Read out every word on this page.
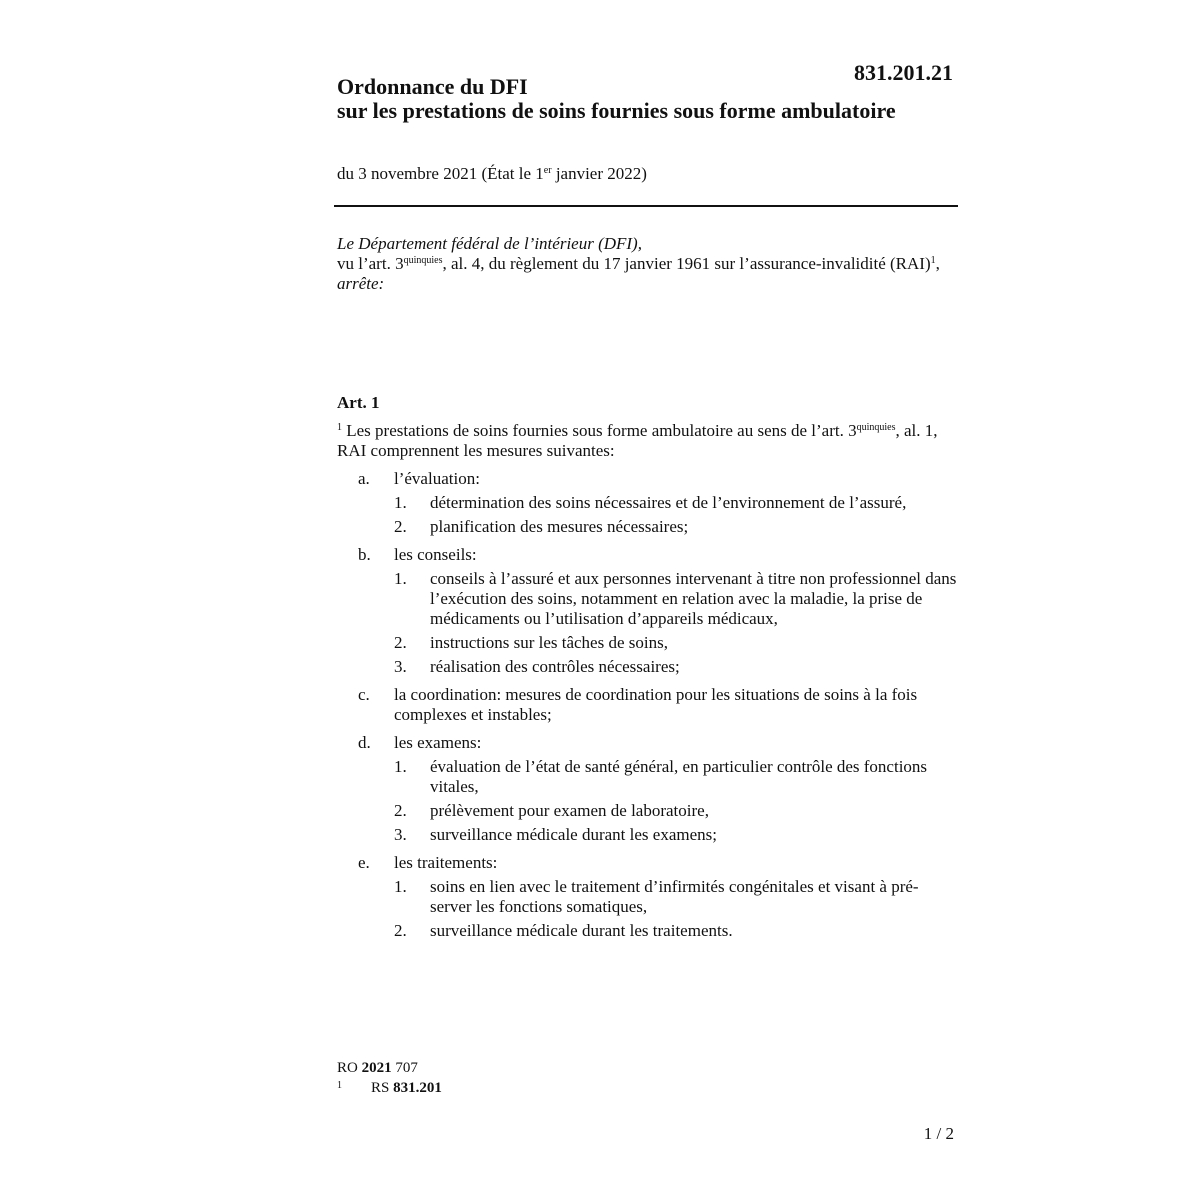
831.201.21
Ordonnance du DFI
sur les prestations de soins fournies sous forme ambulatoire
du 3 novembre 2021 (État le 1er janvier 2022)

Le Département fédéral de l’intérieur (DFI),

vu l’art. $3^{quinquies}$, al. 4, du règlement du 17 janvier 1961 sur l’assurance-invalidité (RAI)$^1$,

arrête:

Art. 1
$^1$ Les prestations de soins fournies sous forme ambulatoire au sens de l’art. $3^{quinquies}$, al. 1, RAI comprennent les mesures suivantes:
a. l’évaluation:
1. détermination des soins nécessaires et de l’environnement de l’assuré,
2. planification des mesures nécessaires;
b. les conseils:
1. conseils à l’assuré et aux personnes intervenant à titre non professionnel dans l’exécution des soins, notamment en relation avec la maladie, la prise de médicaments ou l’utilisation d’appareils médicaux,
2. instructions sur les tâches de soins,
3. réalisation des contrôles nécessaires;
c. la coordination: mesures de coordination pour les situations de soins à la fois complexes et instables;
d. les examens:
1. évaluation de l’état de santé général, en particulier contrôle des fonctions vitales,
2. prélèvement pour examen de laboratoire,
3. surveillance médicale durant les examens;
e. les traitements:
1. soins en lien avec le traitement d’infirmités congénitales et visant à pré-server les fonctions somatiques,
2. surveillance médicale durant les traitements.
RO 2021 707
1 RS 831.201
1 / 2
